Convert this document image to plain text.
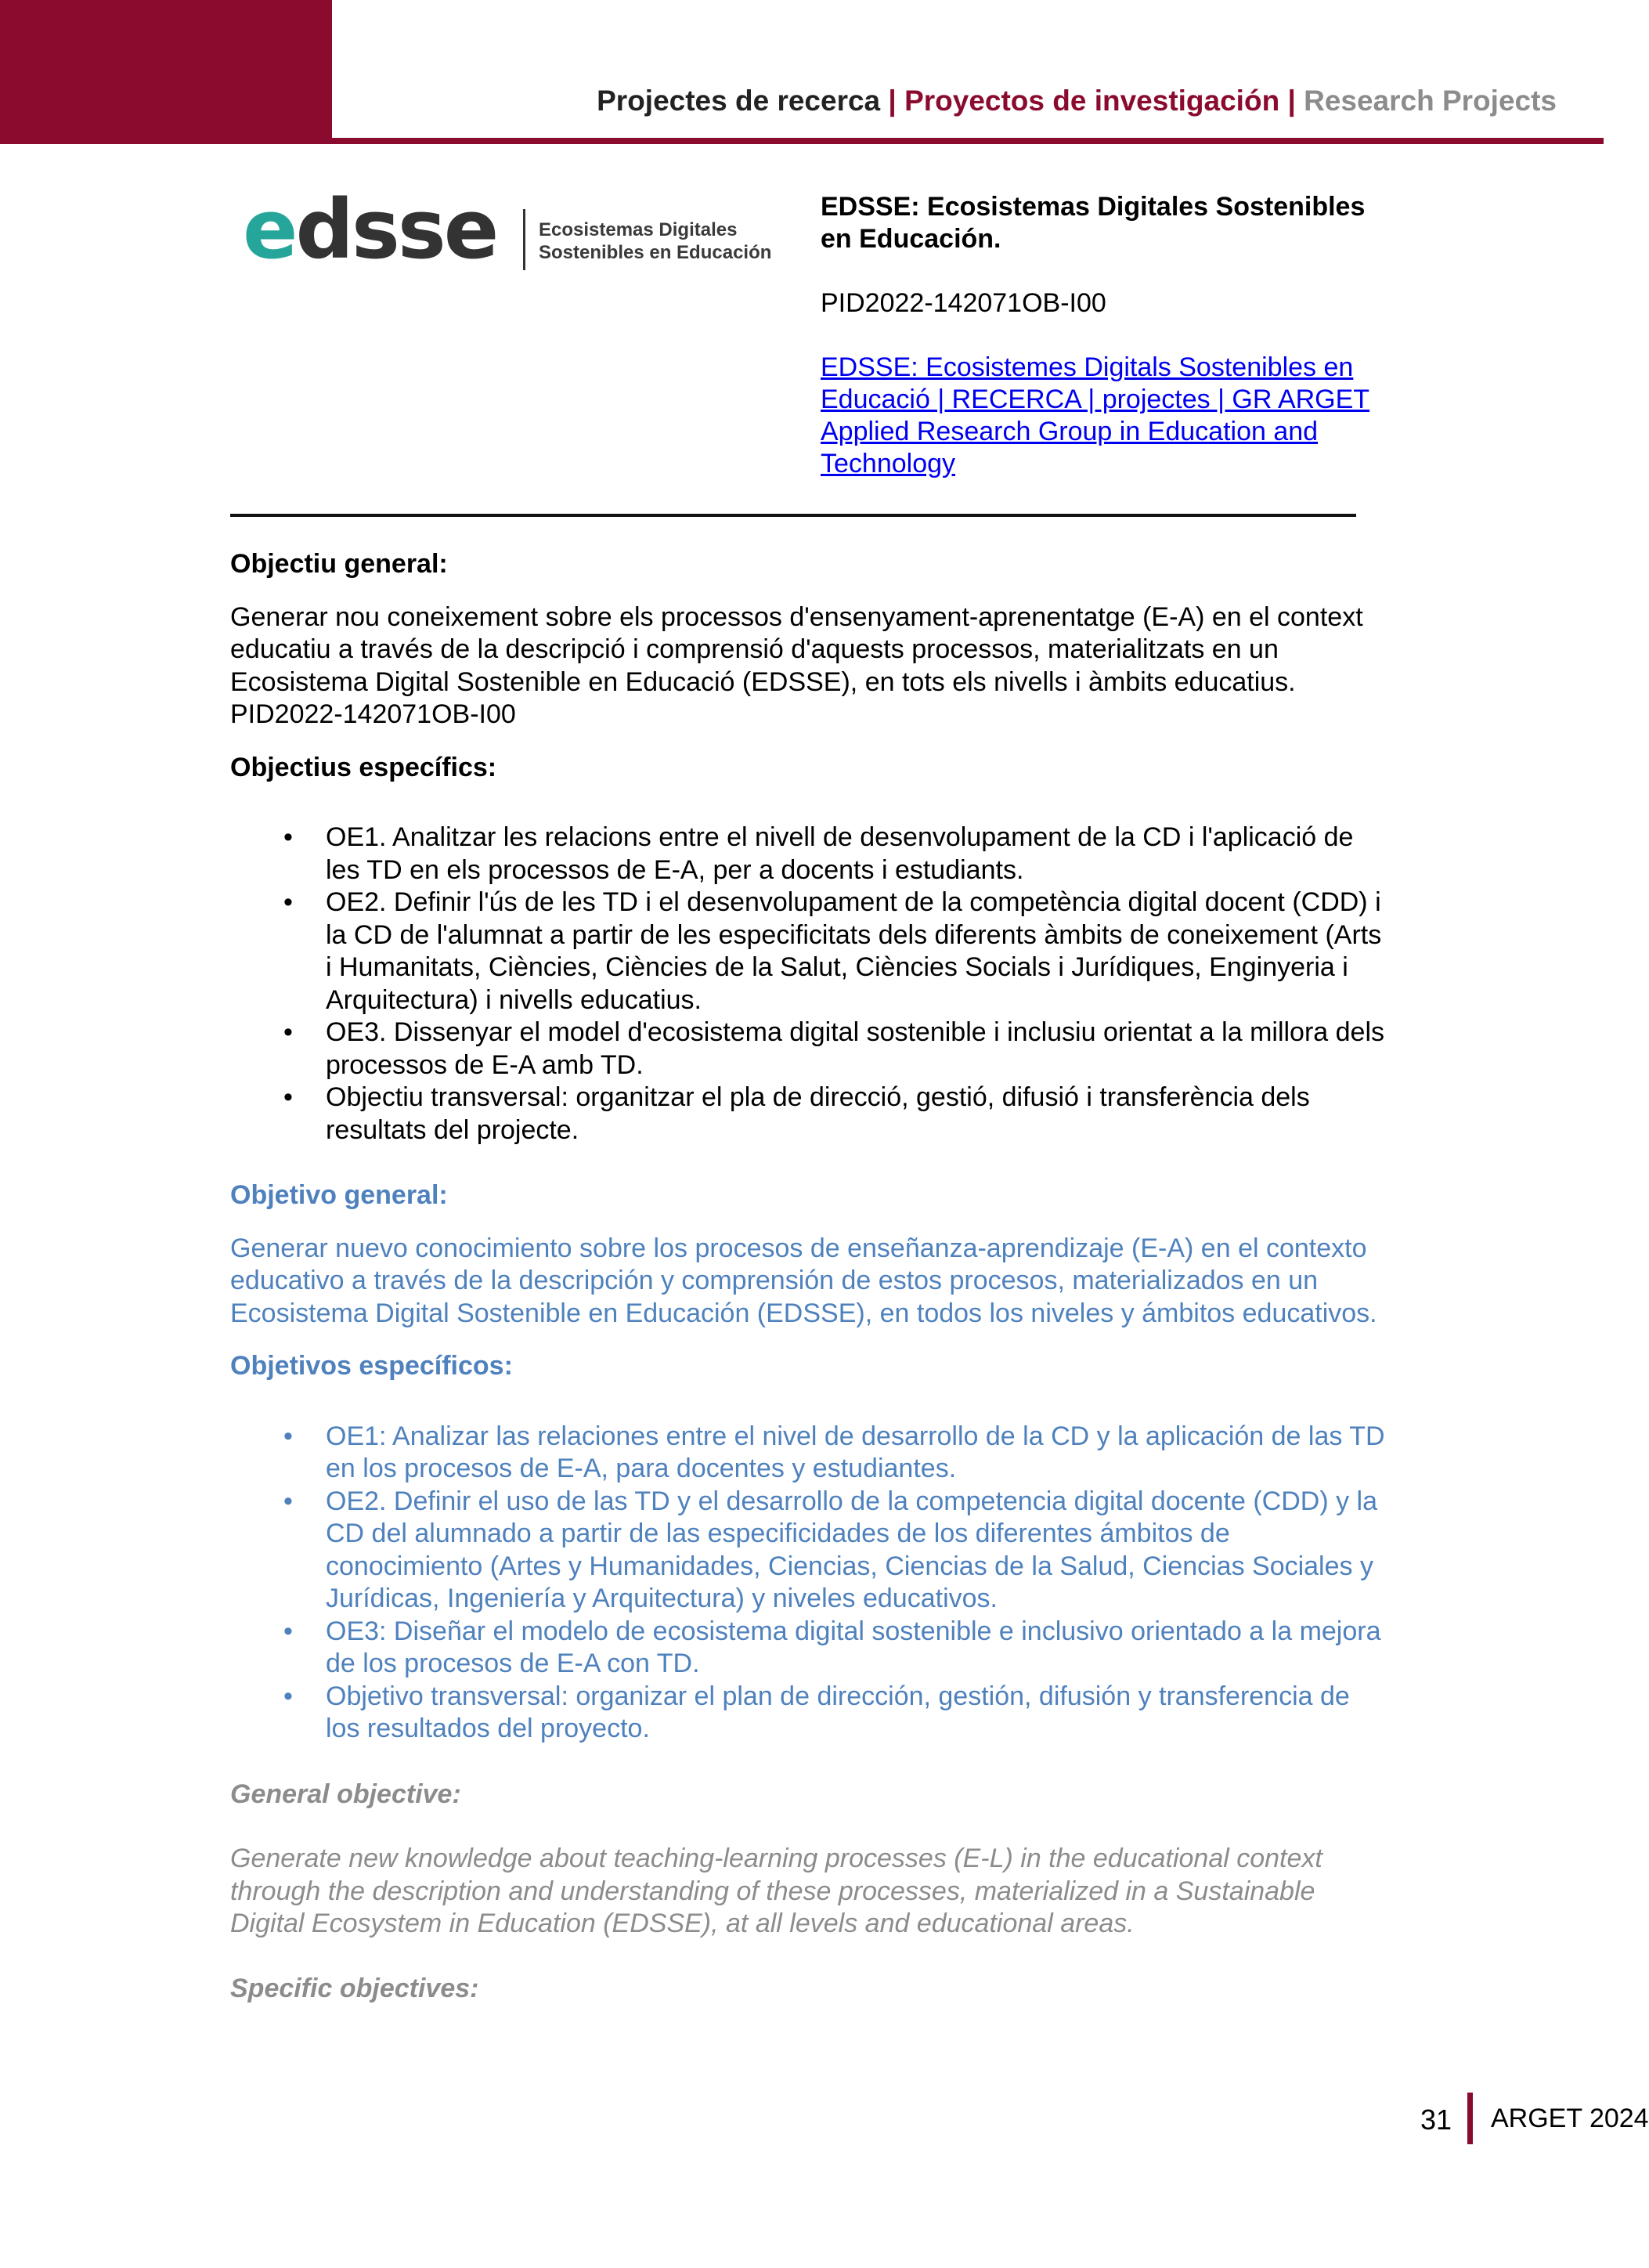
Projectes de recerca | Proyectos de investigación | Research Projects
edsse Ecosistemas Digitales
Sostenibles en Educación

EDSSE: Ecosistemas Digitales Sostenibles en Educación.

PID2022-142071OB-I00

EDSSE: Ecosistemes Digitals Sostenibles en Educació | RECERCA | projectes | GR ARGET Applied Research Group in Education and Technology

Objectiu general:

Generar nou coneixement sobre els processos d'ensenyament-aprenentatge (E-A) en el context educatiu a través de la descripció i comprensió d'aquests processos, materialitzats en un Ecosistema Digital Sostenible en Educació (EDSSE), en tots els nivells i àmbits educatius. PID2022-142071OB-I00

Objectius específics:

• OE1. Analitzar les relacions entre el nivell de desenvolupament de la CD i l'aplicació de les TD en els processos de E-A, per a docents i estudiants.
• OE2. Definir l'ús de les TD i el desenvolupament de la competència digital docent (CDD) i la CD de l'alumnat a partir de les especificitats dels diferents àmbits de coneixement (Arts i Humanitats, Ciències, Ciències de la Salut, Ciències Socials i Jurídiques, Enginyeria i Arquitectura) i nivells educatius.
• OE3. Dissenyar el model d'ecosistema digital sostenible i inclusiu orientat a la millora dels processos de E-A amb TD.
• Objectiu transversal: organitzar el pla de direcció, gestió, difusió i transferència dels resultats del projecte.

Objetivo general:

Generar nuevo conocimiento sobre los procesos de enseñanza-aprendizaje (E-A) en el contexto educativo a través de la descripción y comprensión de estos procesos, materializados en un Ecosistema Digital Sostenible en Educación (EDSSE), en todos los niveles y ámbitos educativos.

Objetivos específicos:

• OE1: Analizar las relaciones entre el nivel de desarrollo de la CD y la aplicación de las TD en los procesos de E-A, para docentes y estudiantes.
• OE2. Definir el uso de las TD y el desarrollo de la competencia digital docente (CDD) y la CD del alumnado a partir de las especificidades de los diferentes ámbitos de conocimiento (Artes y Humanidades, Ciencias, Ciencias de la Salud, Ciencias Sociales y Jurídicas, Ingeniería y Arquitectura) y niveles educativos.
• OE3: Diseñar el modelo de ecosistema digital sostenible e inclusivo orientado a la mejora de los procesos de E-A con TD.
• Objetivo transversal: organizar el plan de dirección, gestión, difusión y transferencia de los resultados del proyecto.

General objective:

Generate new knowledge about teaching-learning processes (E-L) in the educational context through the description and understanding of these processes, materialized in a Sustainable Digital Ecosystem in Education (EDSSE), at all levels and educational areas.

Specific objectives:

31 ARGET 2024
